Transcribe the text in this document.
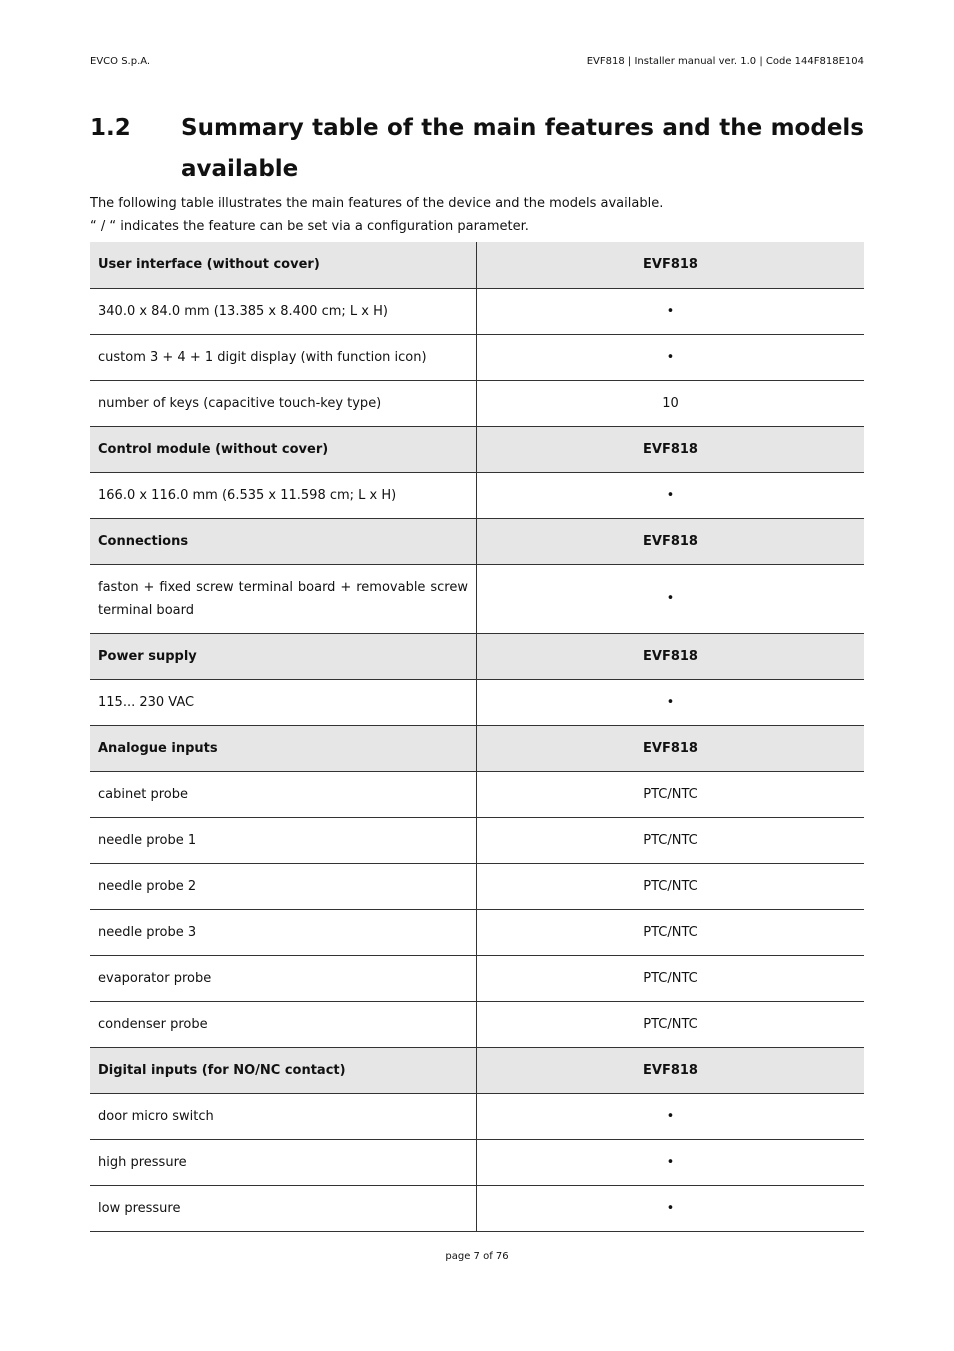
EVCO S.p.A.	EVF818 | Installer manual ver. 1.0 | Code 144F818E104
1.2 Summary table of the main features and the models available

The following table illustrates the main features of the device and the models available.

“ / “ indicates the feature can be set via a configuration parameter.

User interface (without cover)	EVF818
340.0 x 84.0 mm (13.385 x 8.400 cm; L x H)	•
custom 3 + 4 + 1 digit display (with function icon)	•
number of keys (capacitive touch-key type)	10
Control module (without cover)	EVF818
166.0 x 116.0 mm (6.535 x 11.598 cm; L x H)	•
Connections	EVF818
faston + fixed screw terminal board + removable screw terminal board	•
Power supply	EVF818
115... 230 VAC	•
Analogue inputs	EVF818
cabinet probe	PTC/NTC
needle probe 1	PTC/NTC
needle probe 2	PTC/NTC
needle probe 3	PTC/NTC
evaporator probe	PTC/NTC
condenser probe	PTC/NTC
Digital inputs (for NO/NC contact)	EVF818
door micro switch	•
high pressure	•
low pressure	•
page 7 of 76
